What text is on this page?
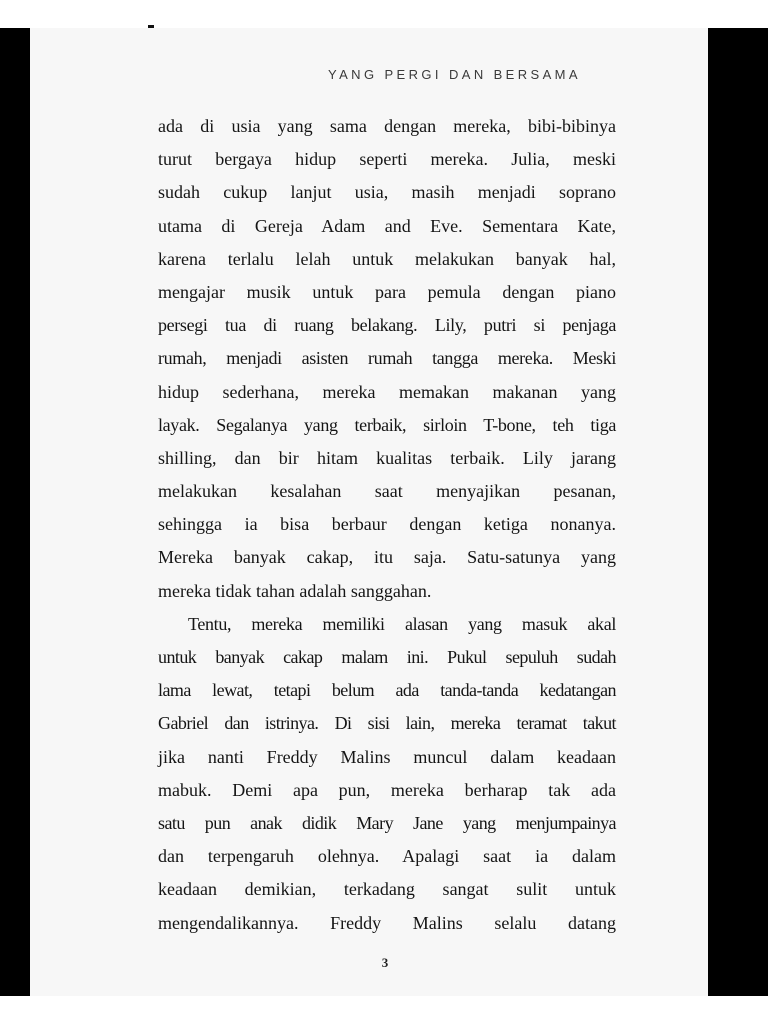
YANG PERGI DAN BERSAMA
ada di usia yang sama dengan mereka, bibi-bibinya
turut bergaya hidup seperti mereka. Julia, meski
sudah cukup lanjut usia, masih menjadi soprano
utama di Gereja Adam and Eve. Sementara Kate,
karena terlalu lelah untuk melakukan banyak hal,
mengajar musik untuk para pemula dengan piano
persegi tua di ruang belakang. Lily, putri si penjaga
rumah, menjadi asisten rumah tangga mereka. Meski
hidup sederhana, mereka memakan makanan yang
layak. Segalanya yang terbaik, sirloin T-bone, teh tiga
shilling, dan bir hitam kualitas terbaik. Lily jarang
melakukan kesalahan saat menyajikan pesanan,
sehingga ia bisa berbaur dengan ketiga nonanya.
Mereka banyak cakap, itu saja. Satu-satunya yang
mereka tidak tahan adalah sanggahan.
Tentu, mereka memiliki alasan yang masuk akal
untuk banyak cakap malam ini. Pukul sepuluh sudah
lama lewat, tetapi belum ada tanda-tanda kedatangan
Gabriel dan istrinya. Di sisi lain, mereka teramat takut
jika nanti Freddy Malins muncul dalam keadaan
mabuk. Demi apa pun, mereka berharap tak ada
satu pun anak didik Mary Jane yang menjumpainya
dan terpengaruh olehnya. Apalagi saat ia dalam
keadaan demikian, terkadang sangat sulit untuk
mengendalikannya. Freddy Malins selalu datang
3
